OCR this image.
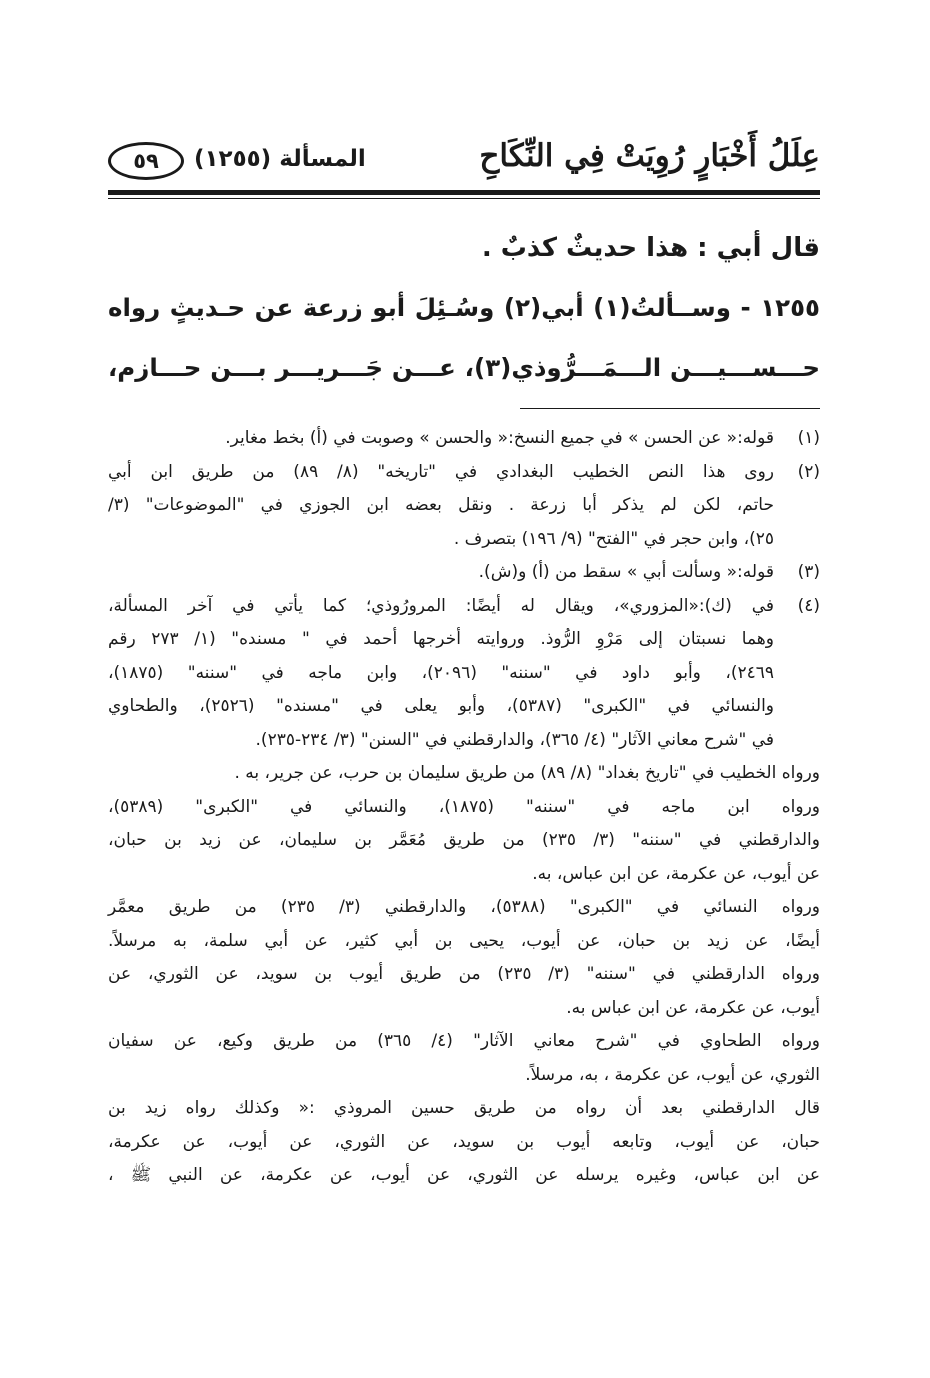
عِلَلُ أَخْبَارٍ رُوِيَتْ فِي النِّكَاحِ
المسألة (١٢٥٥)
٥٩
قال أبي : هذا حديثٌ كذبٌ .
١٢٥٥ - وســألتُ(١) أبي(٢) وسُـئِلَ أبو زرعة عن حـديثٍ رواه
حـــســـيـــن الـــمَـــرُّوذي(٣)، عـــن جَـــريـــر بـــن حـــازم،
(١)
قوله:« عن الحسن » في جميع النسخ:« والحسن » وصوبت في (أ) بخط مغاير.
(٢)
روى هذا النص الخطيب البغدادي في "تاريخه" (٨/ ٨٩) من طريق ابن أبي
حاتم، لكن لم يذكر أبا زرعة . ونقل بعضه ابن الجوزي في "الموضوعات" (٣/
٢٥)، وابن حجر في "الفتح" (٩/ ١٩٦) بتصرف .
(٣)
قوله:« وسألت أبي » سقط من (أ) و(ش).
(٤)
في (ك):«المزوري»، ويقال له أيضًا: المرورُوذي؛ كما يأتي في آخر المسألة،
وهما نسبتان إلى مَرْوِ الرُّوذ. وروايته أخرجها أحمد في " مسنده" (١/ ٢٧٣ رقم
٢٤٦٩)، وأبو داود في "سننه" (٢٠٩٦)، وابن ماجه في "سننه" (١٨٧٥)،
والنسائي في "الكبرى" (٥٣٨٧)، وأبو يعلى في "مسنده" (٢٥٢٦)، والطحاوي
في "شرح معاني الآثار" (٤/ ٣٦٥)، والدارقطني في "السنن" (٣/ ٢٣٤-٢٣٥).
ورواه الخطيب في "تاريخ بغداد" (٨/ ٨٩) من طريق سليمان بن حرب، عن جرير، به .
ورواه ابن ماجه في "سننه" (١٨٧٥)، والنسائي في "الكبرى" (٥٣٨٩)،
والدارقطني في "سننه" (٣/ ٢٣٥) من طريق مُعَمَّر بن سليمان، عن زيد بن حبان،
عن أيوب، عن عكرمة، عن ابن عباس، به.
ورواه النسائي في "الكبرى" (٥٣٨٨)، والدارقطني (٣/ ٢٣٥) من طريق معمَّر
أيضًا، عن زيد بن حبان، عن أيوب، يحيى بن أبي كثير، عن أبي سلمة، به مرسلاً.
ورواه الدارقطني في "سننه" (٣/ ٢٣٥) من طريق أيوب بن سويد، عن الثوري، عن
أيوب، عن عكرمة، عن ابن عباس به.
ورواه الطحاوي في "شرح معاني الآثار" (٤/ ٣٦٥) من طريق وكيع، عن سفيان
الثوري، عن أيوب، عن عكرمة ، به، مرسلاً.
قال الدارقطني بعد أن رواه من طريق حسين المروذي :« وكذلك رواه زيد بن
حبان، عن أيوب، وتابعه أيوب بن سويد، عن الثوري، عن أيوب، عن عكرمة،
عن ابن عباس، وغيره يرسله عن الثوري، عن أيوب، عن عكرمة، عن النبي ﷺ ،
